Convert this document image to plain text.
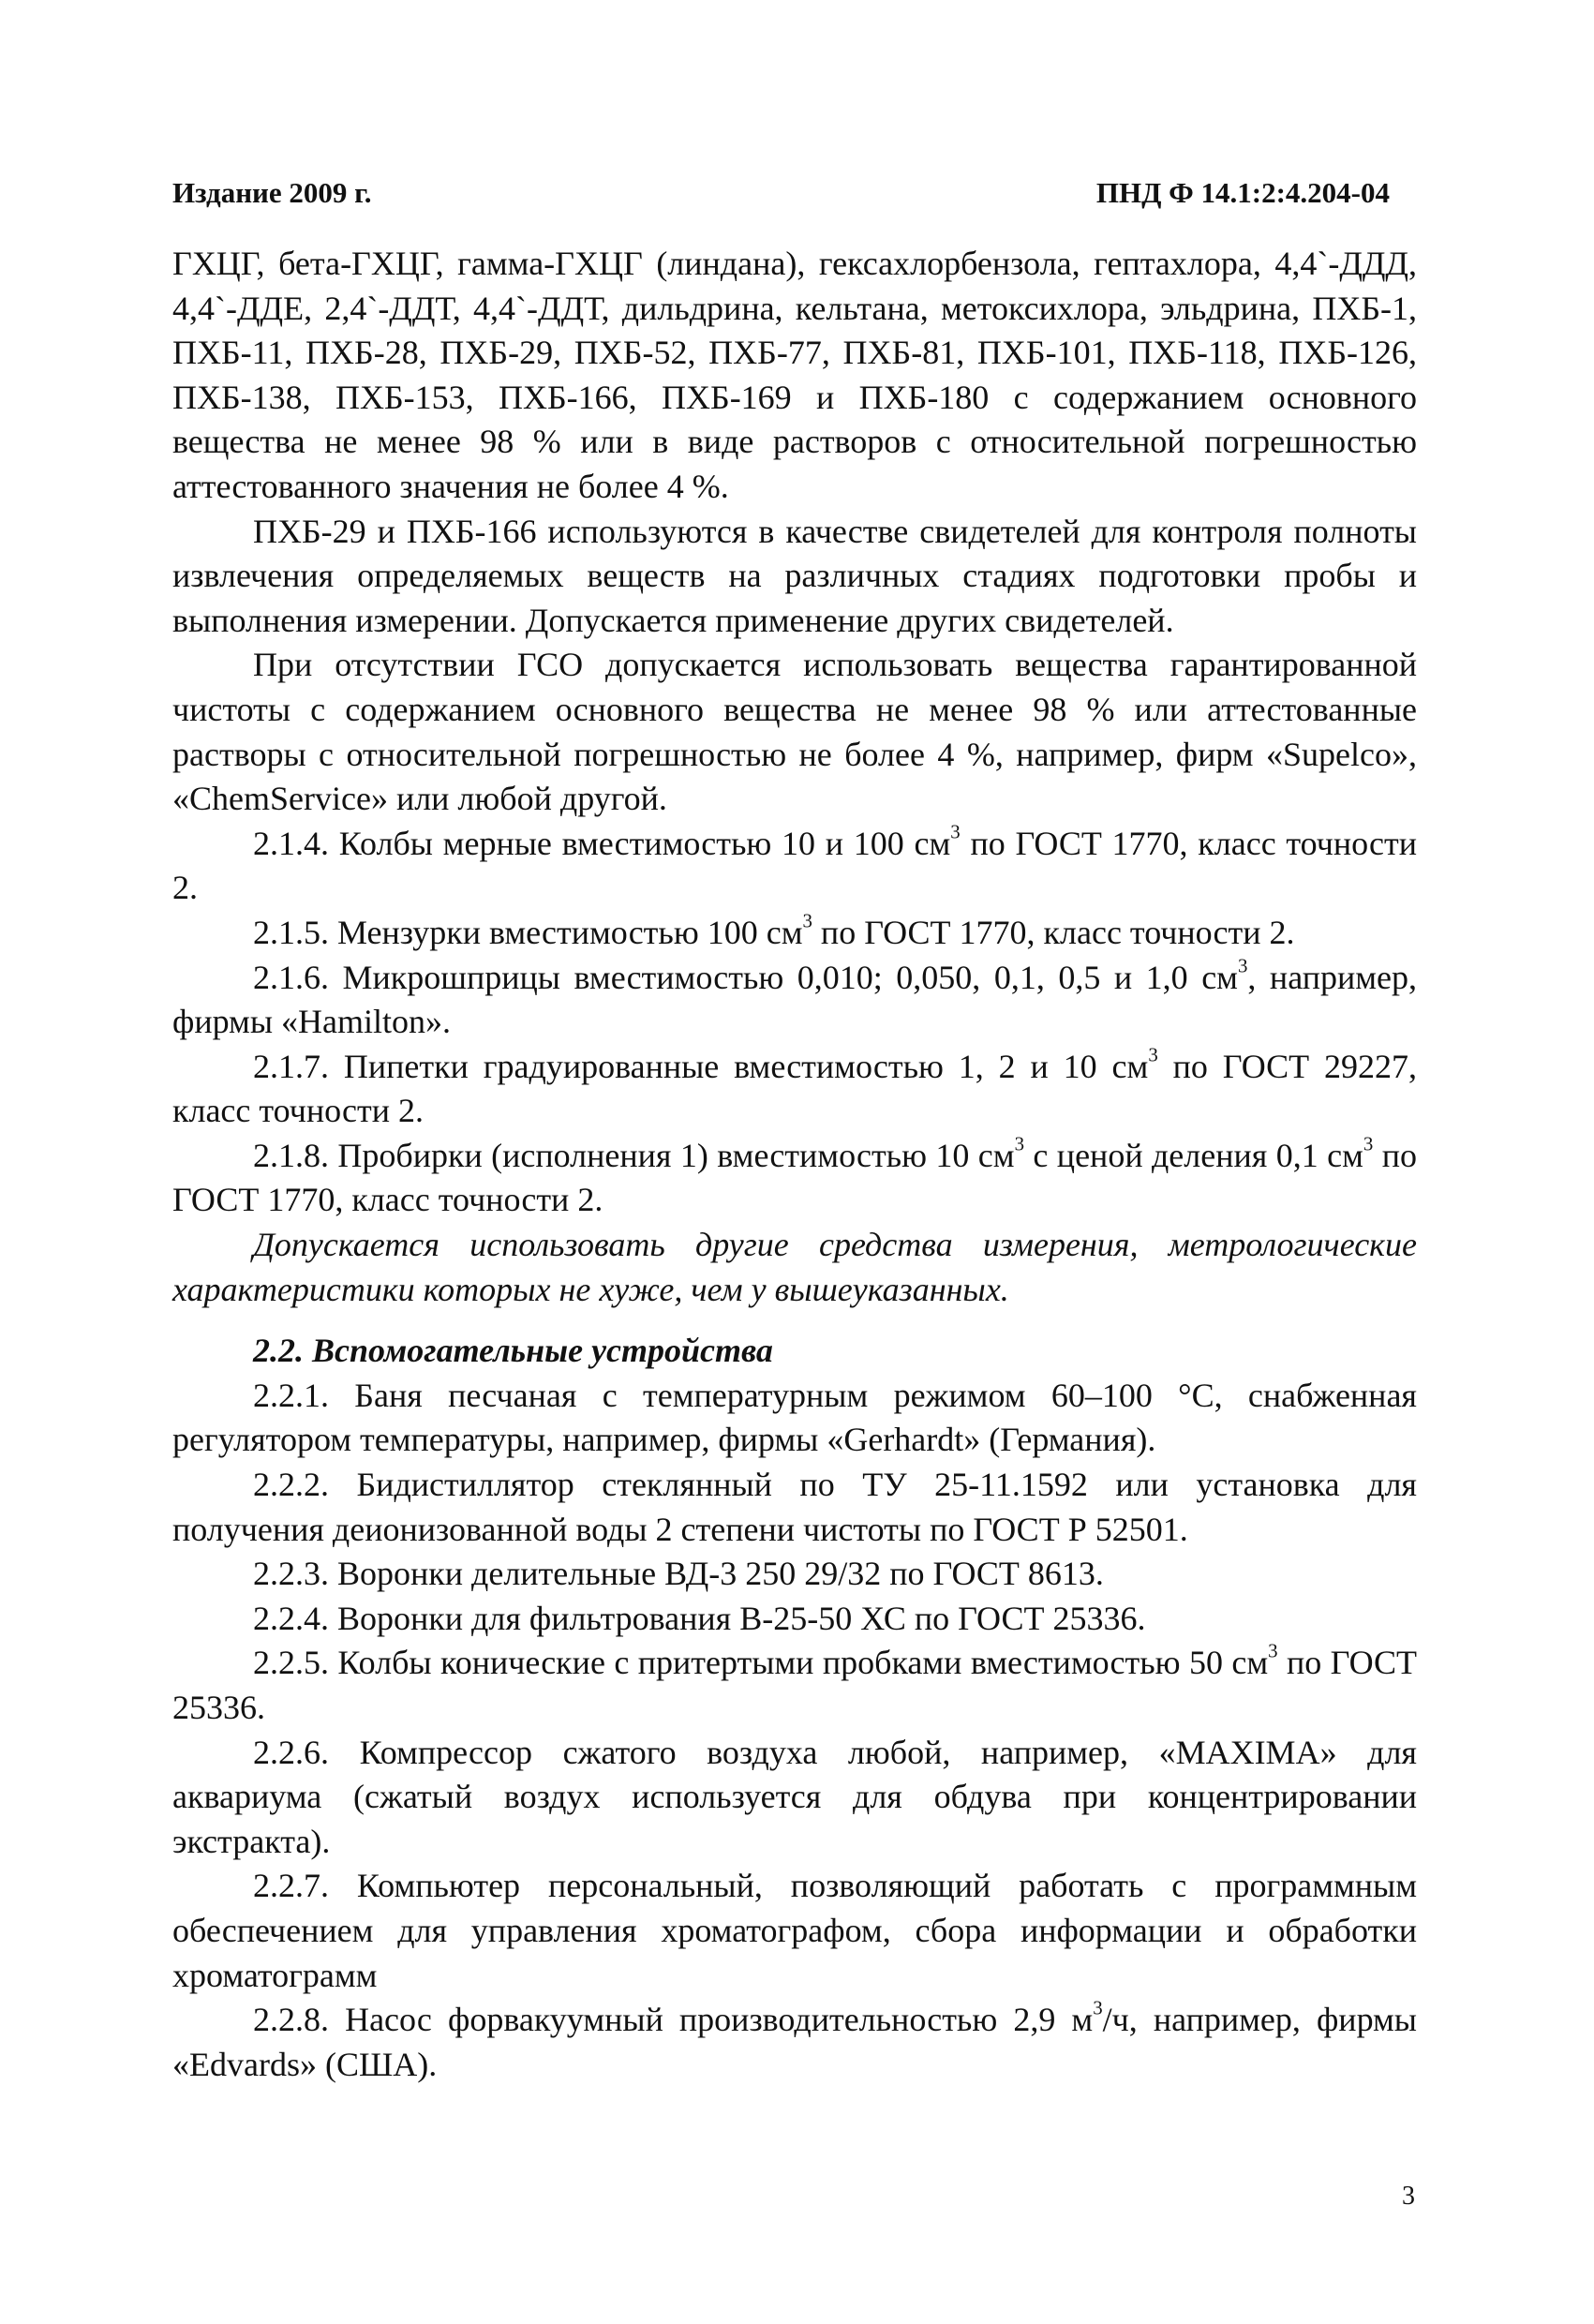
Издание 2009 г.	ПНД Ф 14.1:2:4.204-04

ГХЦГ, бета-ГХЦГ, гамма-ГХЦГ (линдана), гексахлорбензола, гептахлора, 4,4`-ДДД, 4,4`-ДДЕ, 2,4`-ДДТ, 4,4`-ДДТ, дильдрина, кельтана, метоксихлора, эльдрина, ПХБ-1, ПХБ-11, ПХБ-28, ПХБ-29, ПХБ-52, ПХБ-77, ПХБ-81, ПХБ-101, ПХБ-118, ПХБ-126, ПХБ-138, ПХБ-153, ПХБ-166, ПХБ-169 и ПХБ-180 с содержанием основного вещества не менее 98 % или в виде растворов с относительной погрешностью аттестованного значения не более 4 %.

ПХБ-29 и ПХБ-166 используются в качестве свидетелей для контроля полноты извлечения определяемых веществ на различных стадиях подготовки пробы и выполнения измерении. Допускается применение других свидетелей.

При отсутствии ГСО допускается использовать вещества гарантированной чистоты с содержанием основного вещества не менее 98 % или аттестованные растворы с относительной погрешностью не более 4 %, например, фирм «Supelco», «ChemService» или любой другой.

2.1.4. Колбы мерные вместимостью 10 и 100 $см^3$ по ГОСТ 1770, класс точности 2.

2.1.5. Мензурки вместимостью 100 $см^3$ по ГОСТ 1770, класс точности 2.

2.1.6. Микрошприцы вместимостью 0,010; 0,050, 0,1, 0,5 и 1,0 $см^3$, например, фирмы «Hamilton».

2.1.7. Пипетки градуированные вместимостью 1, 2 и 10 $см^3$ по ГОСТ 29227, класс точности 2.

2.1.8. Пробирки (исполнения 1) вместимостью 10 $см^3$ с ценой деления 0,1 $см^3$ по ГОСТ 1770, класс точности 2.

Допускается использовать другие средства измерения, метрологические характеристики которых не хуже, чем у вышеуказанных.

2.2. Вспомогательные устройства

2.2.1. Баня песчаная с температурным режимом 60–100 °С, снабженная регулятором температуры, например, фирмы «Gerhardt» (Германия).

2.2.2. Бидистиллятор стеклянный по ТУ 25-11.1592 или установка для получения деионизованной воды 2 степени чистоты по ГОСТ Р 52501.

2.2.3. Воронки делительные ВД-3 250 29/32 по ГОСТ 8613.

2.2.4. Воронки для фильтрования В-25-50 ХС по ГОСТ 25336.

2.2.5. Колбы конические с притертыми пробками вместимостью 50 $см^3$ по ГОСТ 25336.

2.2.6. Компрессор сжатого воздуха любой, например, «MAXIMA» для аквариума (сжатый воздух используется для обдува при концентрировании экстракта).

2.2.7. Компьютер персональный, позволяющий работать с программным обеспечением для управления хроматографом, сбора информации и обработки хроматограмм

2.2.8. Насос форвакуумный производительностью 2,9 $м^3/ч$, например, фирмы «Edvards» (США).

3
